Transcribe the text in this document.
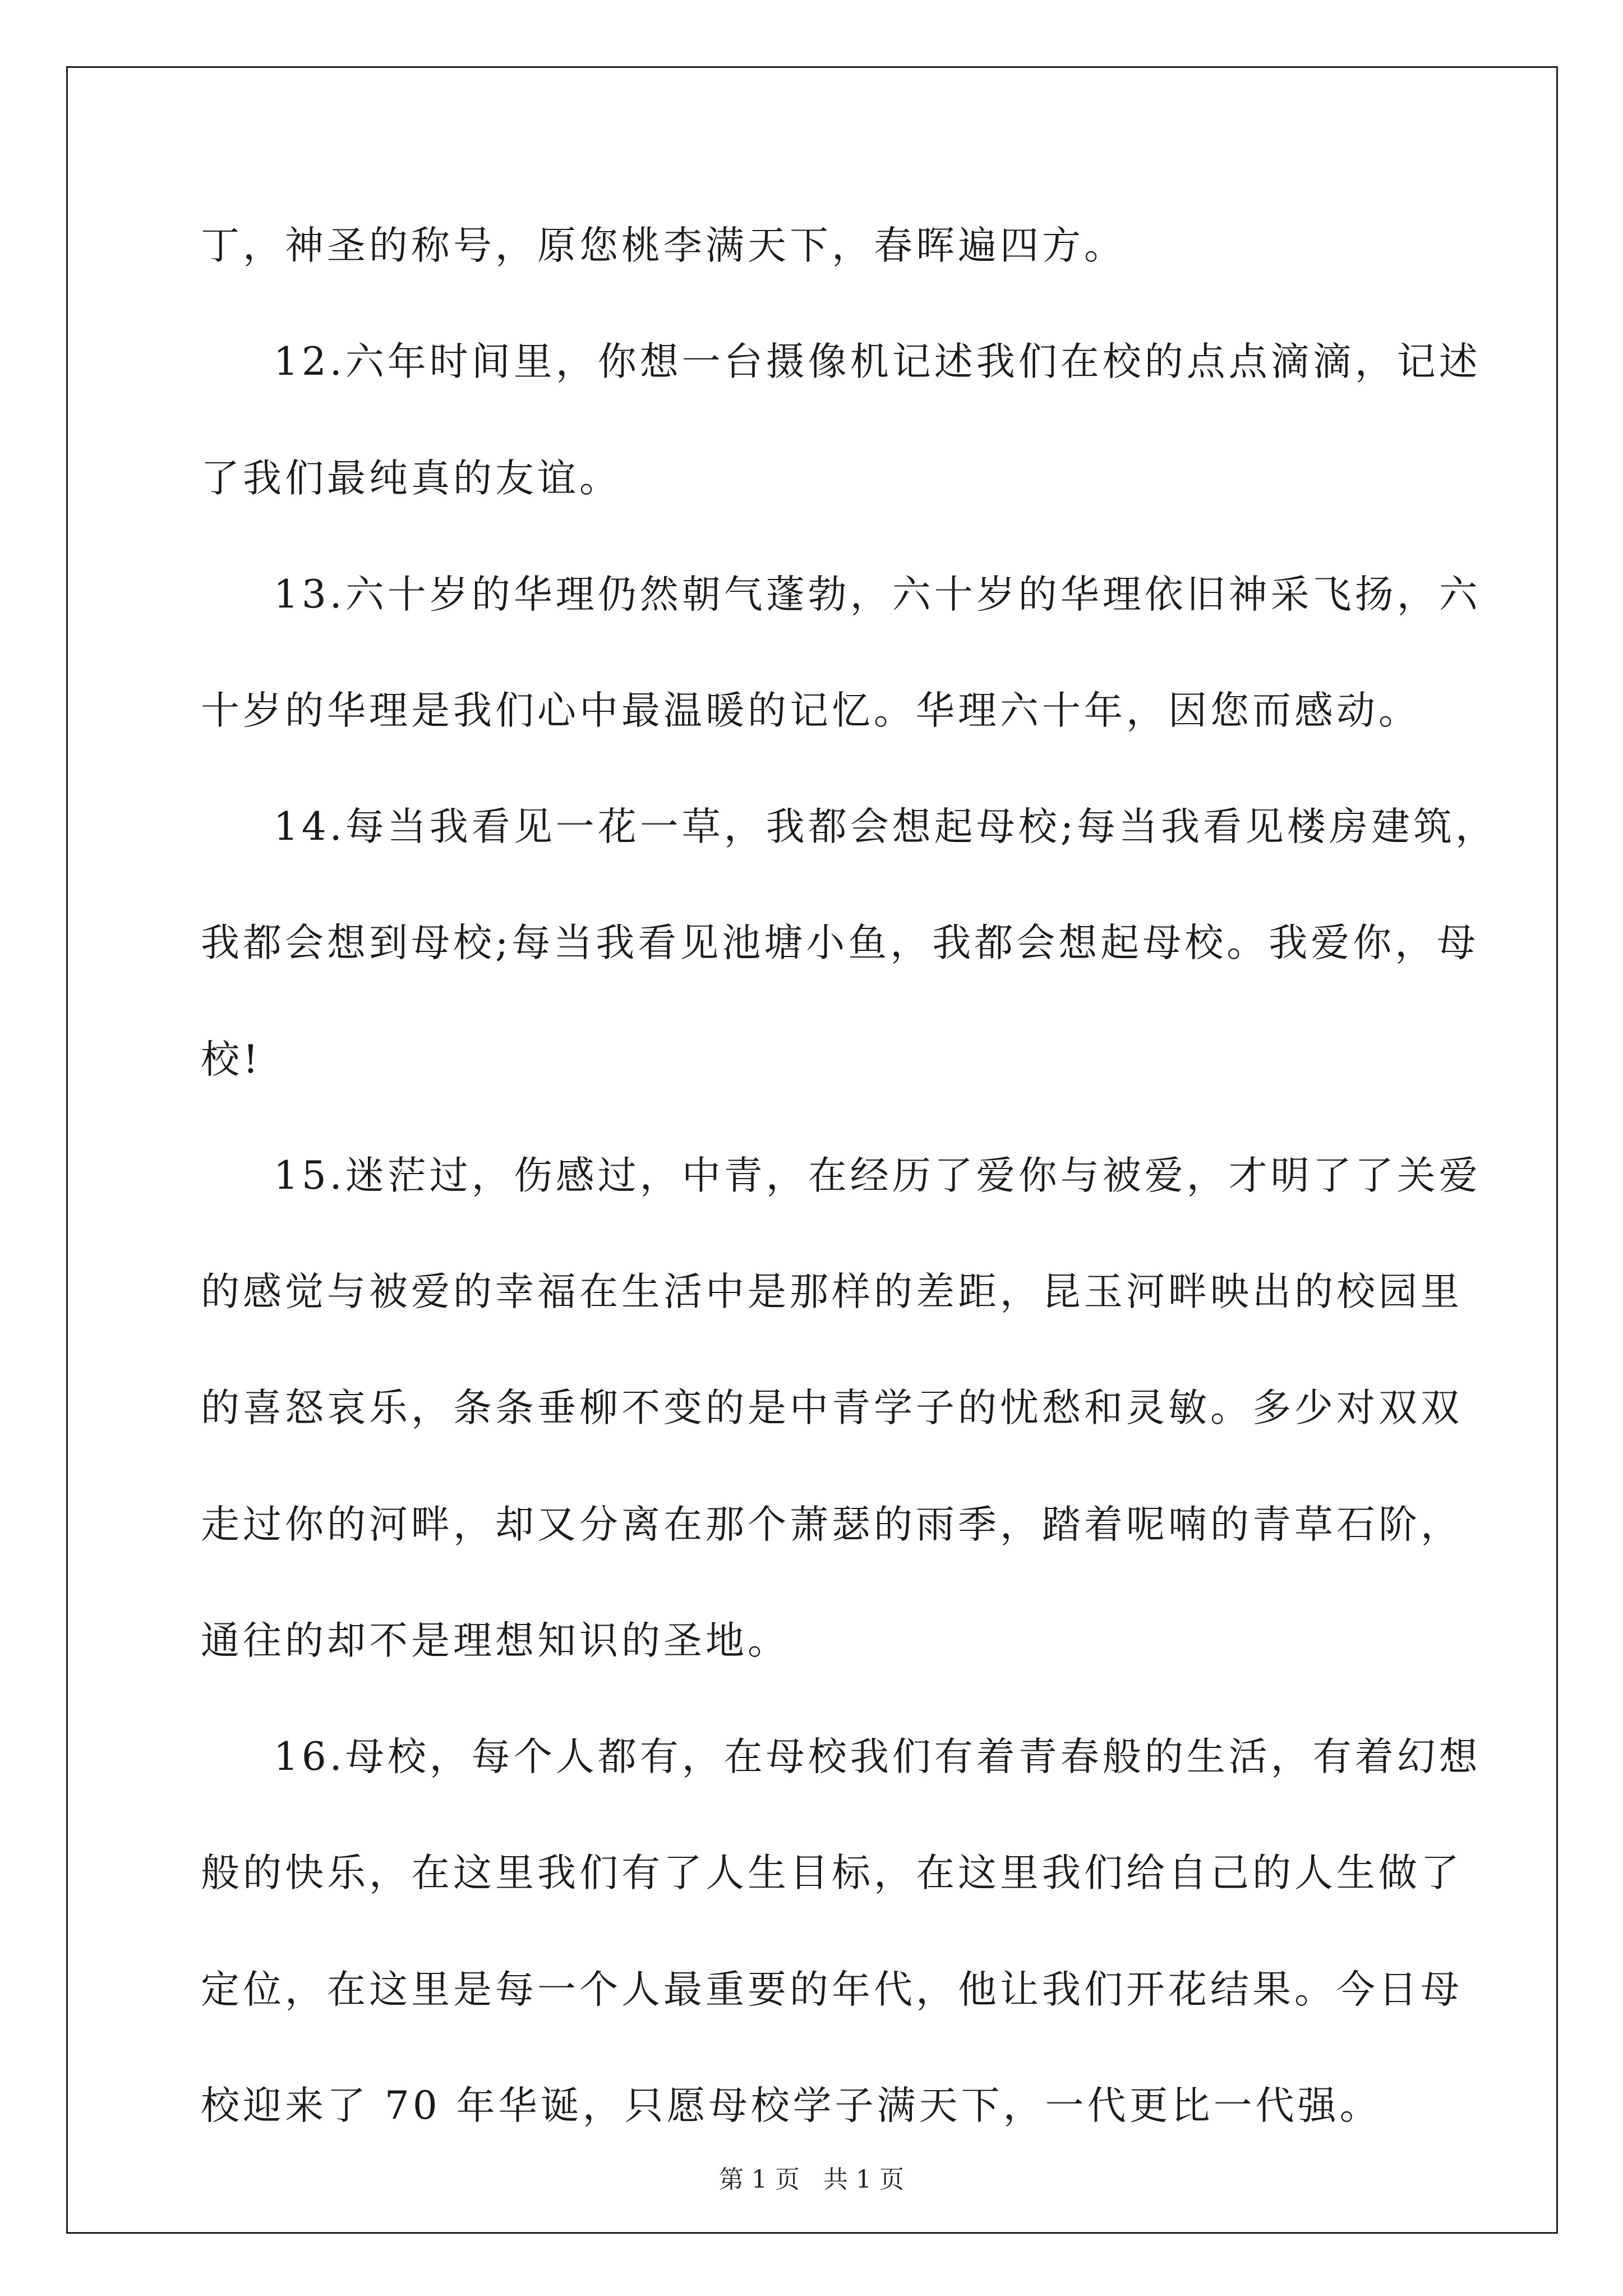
丁，神圣的称号，原您桃李满天下，春晖遍四方。
12.六年时间里，你想一台摄像机记述我们在校的点点滴滴，记述
了我们最纯真的友谊。
13.六十岁的华理仍然朝气蓬勃，六十岁的华理依旧神采飞扬，六
十岁的华理是我们心中最温暖的记忆。华理六十年，因您而感动。
14.每当我看见一花一草，我都会想起母校;每当我看见楼房建筑，
我都会想到母校;每当我看见池塘小鱼，我都会想起母校。我爱你，母
校!
15.迷茫过，伤感过，中青，在经历了爱你与被爱，才明了了关爱
的感觉与被爱的幸福在生活中是那样的差距，昆玉河畔映出的校园里
的喜怒哀乐，条条垂柳不变的是中青学子的忧愁和灵敏。多少对双双
走过你的河畔，却又分离在那个萧瑟的雨季，踏着呢喃的青草石阶，
通往的却不是理想知识的圣地。
16.母校，每个人都有，在母校我们有着青春般的生活，有着幻想
般的快乐，在这里我们有了人生目标，在这里我们给自己的人生做了
定位，在这里是每一个人最重要的年代，他让我们开花结果。今日母
校迎来了 70 年华诞，只愿母校学子满天下，一代更比一代强。
第 1 页 共 1 页
